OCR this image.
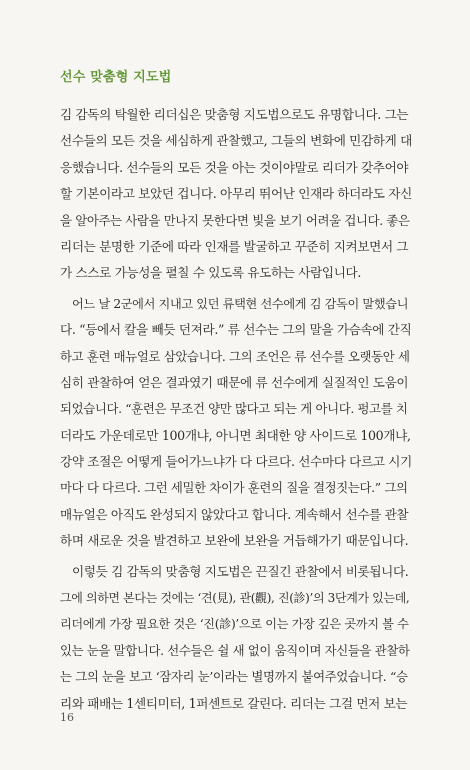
선수 맞춤형 지도법
김 감독의 탁월한 리더십은 맞춤형 지도법으로도 유명합니다. 그는
선수들의 모든 것을 세심하게 관찰했고, 그들의 변화에 민감하게 대
응했습니다. 선수들의 모든 것을 아는 것이야말로 리더가 갖추어야
할 기본이라고 보았던 겁니다. 아무리 뛰어난 인재라 하더라도 자신
을 알아주는 사람을 만나지 못한다면 빛을 보기 어려울 겁니다. 좋은
리더는 분명한 기준에 따라 인재를 발굴하고 꾸준히 지켜보면서 그
가 스스로 가능성을 펼칠 수 있도록 유도하는 사람입니다.
어느 날 2군에서 지내고 있던 류택현 선수에게 김 감독이 말했습니
다. “등에서 칼을 빼듯 던져라.” 류 선수는 그의 말을 가슴속에 간직
하고 훈련 매뉴얼로 삼았습니다. 그의 조언은 류 선수를 오랫동안 세
심히 관찰하여 얻은 결과였기 때문에 류 선수에게 실질적인 도움이
되었습니다. “훈련은 무조건 양만 많다고 되는 게 아니다. 펑고를 치
더라도 가운데로만 100개냐, 아니면 최대한 양 사이드로 100개냐,
강약 조절은 어떻게 들어가느냐가 다 다르다. 선수마다 다르고 시기
마다 다 다르다. 그런 세밀한 차이가 훈련의 질을 결정짓는다.” 그의
매뉴얼은 아직도 완성되지 않았다고 합니다. 계속해서 선수를 관찰
하며 새로운 것을 발견하고 보완에 보완을 거듭해가기 때문입니다.
이렇듯 김 감독의 맞춤형 지도법은 끈질긴 관찰에서 비롯됩니다.
그에 의하면 본다는 것에는 ‘견(見), 관(觀), 진(診)’의 3단계가 있는데,
리더에게 가장 필요한 것은 ‘진(診)’으로 이는 가장 깊은 곳까지 볼 수
있는 눈을 말합니다. 선수들은 쉴 새 없이 움직이며 자신들을 관찰하
는 그의 눈을 보고 ‘잠자리 눈’이라는 별명까지 붙여주었습니다. “승
리와 패배는 1센티미터, 1퍼센트로 갈린다. 리더는 그걸 먼저 보는
16
